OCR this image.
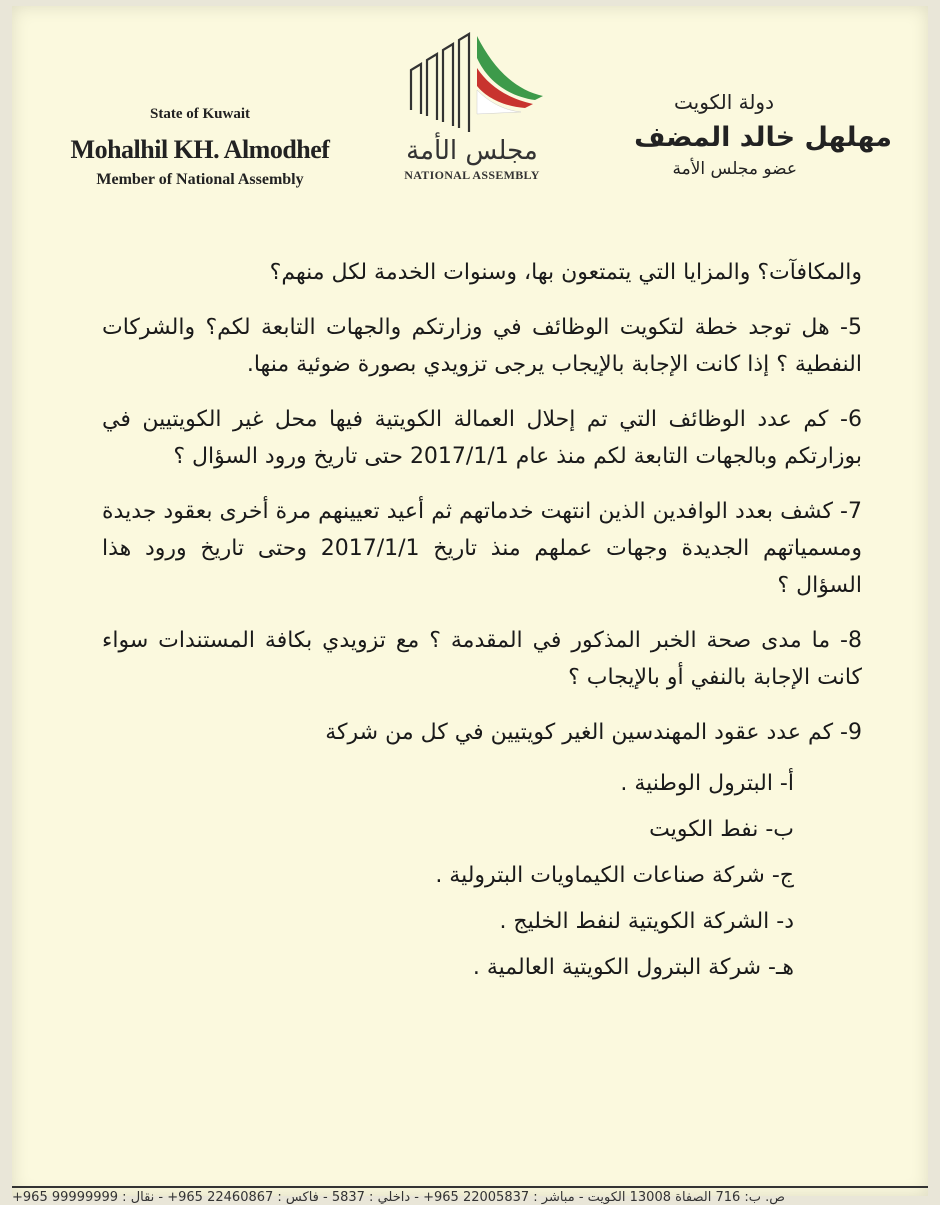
State of Kuwait
Mohalhil KH. Almodhef
Member of National Assembly
مجلس الأمة
NATIONAL ASSEMBLY
دولة الكويت
مهلهل خالد المضف
عضو مجلس الأمة

والمكافآت؟ والمزايا التي يتمتعون بها، وسنوات الخدمة لكل منهم؟

5- هل توجد خطة لتكويت الوظائف في وزارتكم والجهات التابعة لكم؟ والشركات النفطية ؟ إذا كانت الإجابة بالإيجاب يرجى تزويدي بصورة ضوئية منها.

6- كم عدد الوظائف التي تم إحلال العمالة الكويتية فيها محل غير الكويتيين في بوزارتكم وبالجهات التابعة لكم منذ عام 2017/1/1 حتى تاريخ ورود السؤال ؟

7- كشف بعدد الوافدين الذين انتهت خدماتهم ثم أعيد تعيينهم مرة أخرى بعقود جديدة ومسمياتهم الجديدة وجهات عملهم منذ تاريخ 2017/1/1 وحتى تاريخ ورود هذا السؤال ؟

8- ما مدى صحة الخبر المذكور في المقدمة ؟ مع تزويدي بكافة المستندات سواء كانت الإجابة بالنفي أو بالإيجاب ؟

9- كم عدد عقود المهندسين الغير كويتيين في كل من شركة

أ- البترول الوطنية .
ب- نفط الكويت
ج- شركة صناعات الكيماويات البترولية .
د- الشركة الكويتية لنفط الخليج .
هـ- شركة البترول الكويتية العالمية .
ص. ب: 716 الصفاة 13008 الكويت - مباشر : 22005837 965+ - داخلي : 5837 - فاكس : 22460867 965+ - نقال : 99999999 965+
